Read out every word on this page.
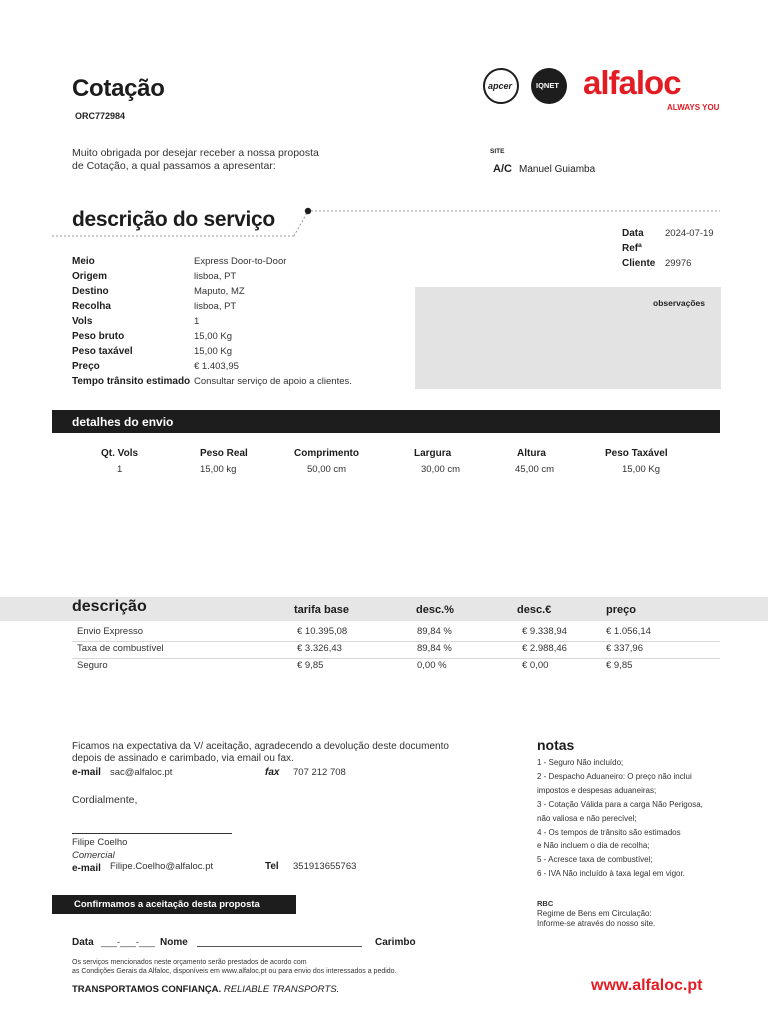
Cotação
ORC772984
Muito obrigada por desejar receber a nossa proposta
de Cotação, a qual passamos a apresentar:
apcer	IQNET alfaloc
ALWAYS YOU
SITE
A/C Manuel Guiamba
descrição do serviço
Meio	Express Door-to-Door
Origem	lisboa, PT
Destino	Maputo, MZ
Recolha	lisboa, PT
Vols	1
Peso bruto	15,00 Kg
Peso taxável	15,00 Kg
Preço	€ 1.403,95
Tempo trânsito estimado Consultar serviço de apoio a clientes.
Data 2024-07-19
Refª
Cliente 29976
observações
detalhes do envio
Qt. Vols	Peso Real	Comprimento	Largura	Altura	Peso Taxável
1	15,00 kg	50,00 cm	30,00 cm	45,00 cm	15,00 Kg
descrição	tarifa base	desc.%	desc.€	preço
Envio Expresso	€ 10.395,08	89,84 %	€ 9.338,94	€ 1.056,14
Taxa de combustível	€ 3.326,43	89,84 %	€ 2.988,46	€ 337,96
Seguro	€ 9,85	0,00 %	€ 0,00	€ 9,85
Ficamos na expectativa da V/ aceitação, agradecendo a devolução deste documento
depois de assinado e carimbado, via email ou fax.
e-mail sac@alfaloc.pt	fax 707 212 708
Cordialmente,
Filipe Coelho
Comercial
e-mail Filipe.Coelho@alfaloc.pt	Tel 351913655763
notas
1 - Seguro Não incluído;
2 - Despacho Aduaneiro: O preço não inclui
impostos e despesas aduaneiras;
3 - Cotação Válida para a carga Não Perigosa,
não valiosa e não perecível;
4 - Os tempos de trânsito são estimados
e Não incluem o dia de recolha;
5 - Acresce taxa de combustível;
6 - IVA Não incluído à taxa legal em vigor.
RBC
Regime de Bens em Circulação:
Informe-se através do nosso site.
Confirmamos a aceitação desta proposta
Data ___-___-___ Nome	Carimbo
Os serviços mencionados neste orçamento serão prestados de acordo com
as Condições Gerais da Alfaloc, disponíveis em www.alfaloc.pt ou para envio dos interessados a pedido.
TRANSPORTAMOS CONFIANÇA. RELIABLE TRANSPORTS.	www.alfaloc.pt
